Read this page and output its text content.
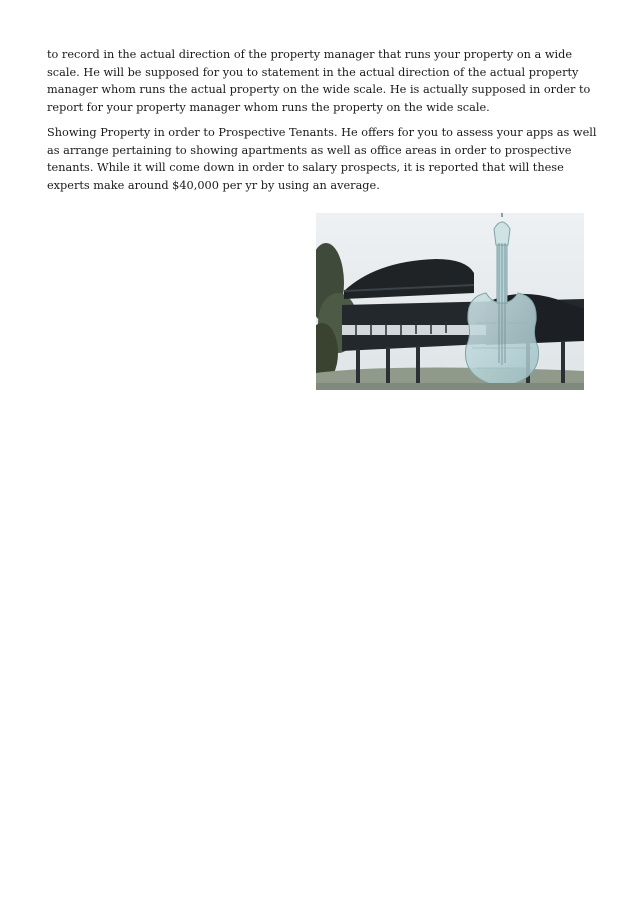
to record in the actual direction of the property manager that runs your property on a wide scale. He will be supposed for you to statement in the actual direction of the actual property manager whom runs the actual property on the wide scale. He is actually supposed in order to report for your property manager whom runs the property on the wide scale.

Showing Property in order to Prospective Tenants. He offers for you to assess your apps as well as arrange pertaining to showing apartments as well as office areas in order to prospective tenants. While it will come down in order to salary prospects, it is reported that will these experts make around $40,000 per yr by using an average.
